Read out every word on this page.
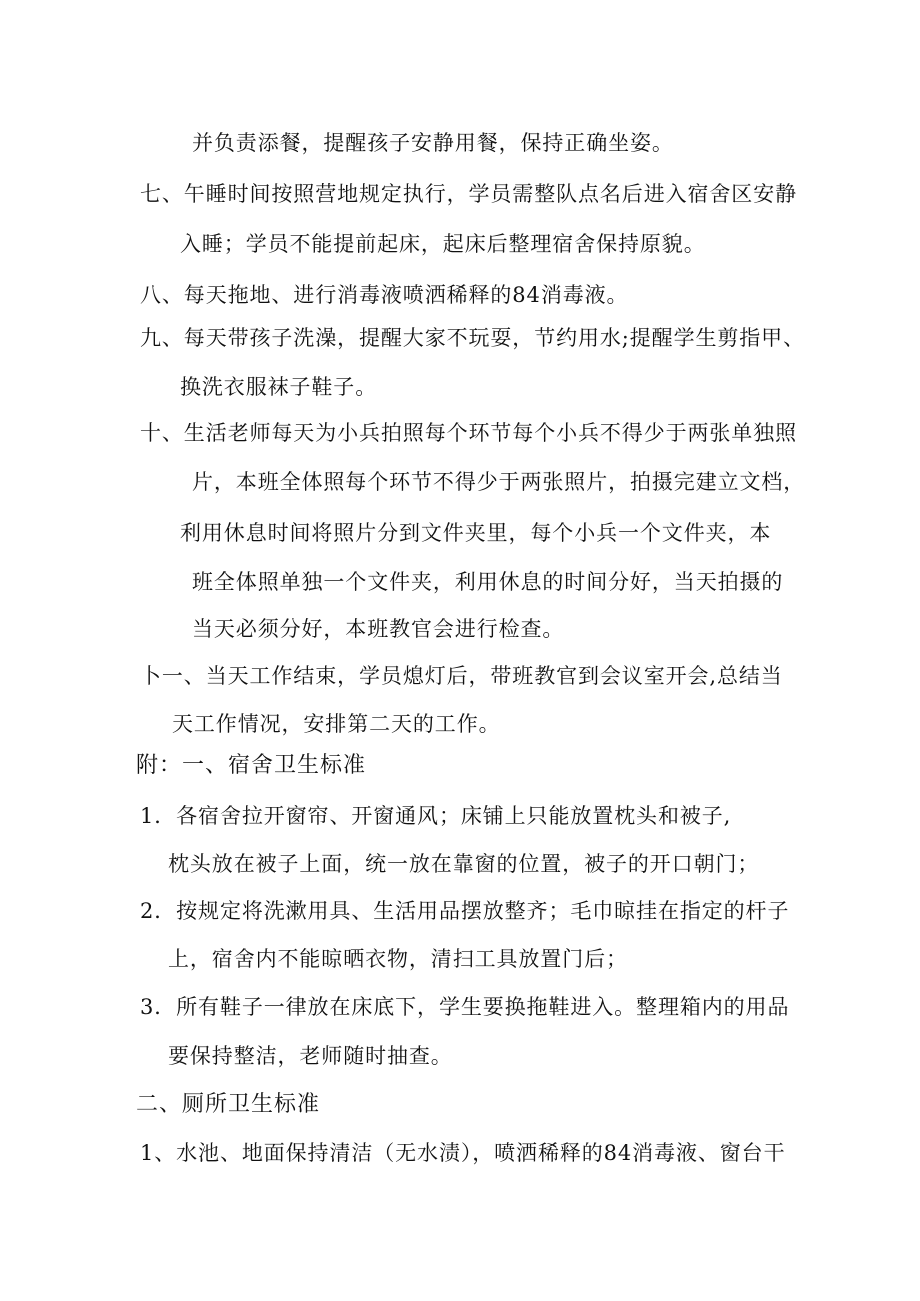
并负责添餐，提醒孩子安静用餐，保持正确坐姿。
七、午睡时间按照营地规定执行，学员需整队点名后进入宿舍区安静
入睡；学员不能提前起床，起床后整理宿舍保持原貌。
八、每天拖地、进行消毒液喷洒稀释的84消毒液。
九、每天带孩子洗澡，提醒大家不玩耍，节约用水;提醒学生剪指甲、
换洗衣服袜子鞋子。
十、生活老师每天为小兵拍照每个环节每个小兵不得少于两张单独照
片，本班全体照每个环节不得少于两张照片，拍摄完建立文档，
利用休息时间将照片分到文件夹里，每个小兵一个文件夹，本
班全体照单独一个文件夹，利用休息的时间分好，当天拍摄的
当天必须分好，本班教官会进行检查。
卜一、当天工作结束，学员熄灯后，带班教官到会议室开会,总结当
天工作情况，安排第二天的工作。
附：一、宿舍卫生标准
1．各宿舍拉开窗帘、开窗通风；床铺上只能放置枕头和被子,
枕头放在被子上面，统一放在靠窗的位置，被子的开口朝门；
2．按规定将洗漱用具、生活用品摆放整齐；毛巾晾挂在指定的杆子
上，宿舍内不能晾晒衣物，清扫工具放置门后；
3．所有鞋子一律放在床底下，学生要换拖鞋进入。整理箱内的用品
要保持整洁，老师随时抽查。
二、厕所卫生标准
1、水池、地面保持清洁（无水渍），喷洒稀释的84消毒液、窗台干
